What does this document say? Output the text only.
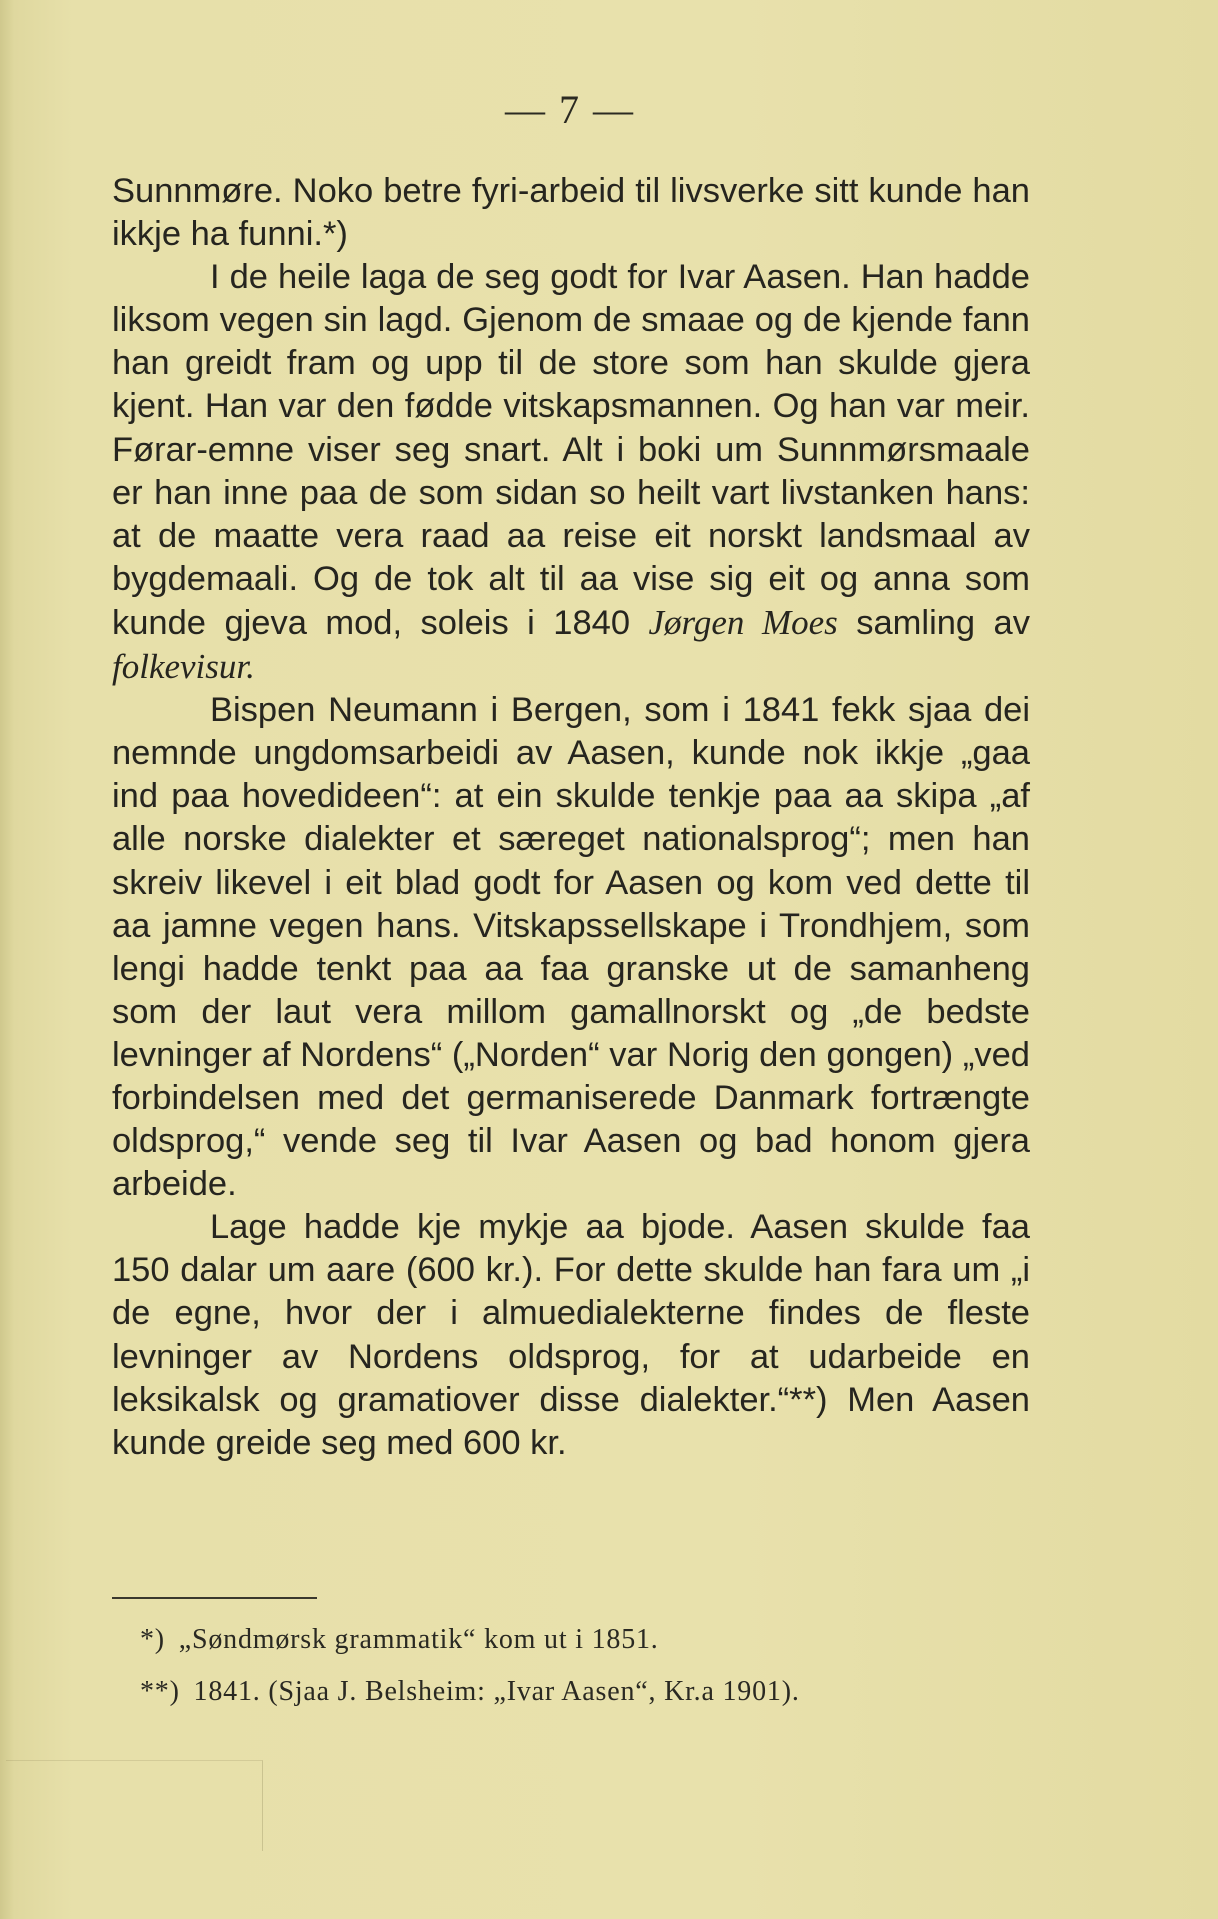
— 7 —

Sunnmøre. Noko betre fyri-arbeid til livsverke sitt kunde han ikkje ha funni.*)

I de heile laga de seg godt for Ivar Aasen. Han hadde liksom vegen sin lagd. Gjenom de smaae og de kjende fann han greidt fram og upp til de store som han skulde gjera kjent. Han var den fødde vitskapsmannen. Og han var meir. Førar-emne viser seg snart. Alt i boki um Sunnmørsmaale er han inne paa de som sidan so heilt vart livstanken hans: at de maatte vera raad aa reise eit norskt landsmaal av bygdemaali. Og de tok alt til aa vise sig eit og anna som kunde gjeva mod, soleis i 1840 Jørgen Moes samling av folkevisur.

Bispen Neumann i Bergen, som i 1841 fekk sjaa dei nemnde ungdomsarbeidi av Aasen, kunde nok ikkje „gaa ind paa hovedideen“: at ein skulde tenkje paa aa skipa „af alle norske dialekter et særeget nationalsprog“; men han skreiv likevel i eit blad godt for Aasen og kom ved dette til aa jamne vegen hans. Vitskapssellskape i Trondhjem, som lengi hadde tenkt paa aa faa granske ut de samanheng som der laut vera millom gamallnorskt og „de bedste levninger af Nordens“ („Norden“ var Norig den gongen) „ved forbindelsen med det germaniserede Danmark fortrængte oldsprog,“ vende seg til Ivar Aasen og bad honom gjera arbeide.

Lage hadde kje mykje aa bjode. Aasen skulde faa 150 dalar um aare (600 kr.). For dette skulde han fara um „i de egne, hvor der i almuedialekterne findes de fleste levninger av Nordens oldsprog, for at udarbeide en leksikalsk og gramatiover disse dialekter.“**) Men Aasen kunde greide seg med 600 kr.

*) „Søndmørsk grammatik“ kom ut i 1851.
**) 1841. (Sjaa J. Belsheim: „Ivar Aasen“, Kr.a 1901).
